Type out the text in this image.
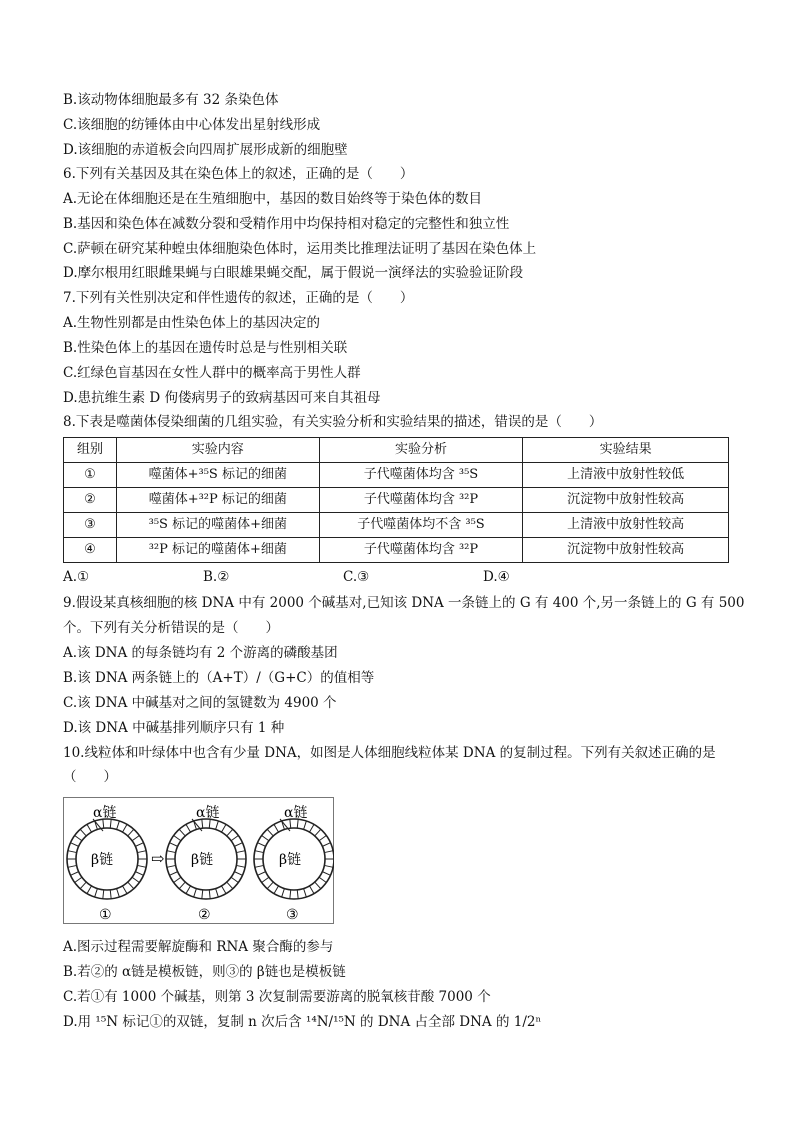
B.该动物体细胞最多有 32 条染色体
C.该细胞的纺锤体由中心体发出星射线形成
D.该细胞的赤道板会向四周扩展形成新的细胞壁
6.下列有关基因及其在染色体上的叙述，正确的是（　　）
A.无论在体细胞还是在生殖细胞中，基因的数目始终等于染色体的数目
B.基因和染色体在减数分裂和受精作用中均保持相对稳定的完整性和独立性
C.萨顿在研究某种蝗虫体细胞染色体时，运用类比推理法证明了基因在染色体上
D.摩尔根用红眼雌果蝇与白眼雄果蝇交配，属于假说一演绎法的实验验证阶段
7.下列有关性别决定和伴性遗传的叙述，正确的是（　　）
A.生物性别都是由性染色体上的基因决定的
B.性染色体上的基因在遗传时总是与性别相关联
C.红绿色盲基因在女性人群中的概率高于男性人群
D.患抗维生素 D 佝偻病男子的致病基因可来自其祖母
8.下表是噬菌体侵染细菌的几组实验，有关实验分析和实验结果的描述，错误的是（　　）
组别	实验内容	实验分析	实验结果
①	噬菌体+³⁵S 标记的细菌	子代噬菌体均含 ³⁵S	上清液中放射性较低
②	噬菌体+³²P 标记的细菌	子代噬菌体均含 ³²P	沉淀物中放射性较高
③	³⁵S 标记的噬菌体+细菌	子代噬菌体均不含 ³⁵S	上清液中放射性较高
④	³²P 标记的噬菌体+细菌	子代噬菌体均含 ³²P	沉淀物中放射性较高
A.①	B.②	C.③	D.④
9.假设某真核细胞的核 DNA 中有 2000 个碱基对,已知该 DNA 一条链上的 G 有 400 个,另一条链上的 G 有 500
个。下列有关分析错误的是（　　）
A.该 DNA 的每条链均有 2 个游离的磷酸基团
B.该 DNA 两条链上的（A+T）/（G+C）的值相等
C.该 DNA 中碱基对之间的氢键数为 4900 个
D.该 DNA 中碱基排列顺序只有 1 种
10.线粒体和叶绿体中也含有少量 DNA，如图是人体细胞线粒体某 DNA 的复制过程。下列有关叙述正确的是
（　　）
α链
β链
①
⇨
α链
β链
②
α链
β链
③
A.图示过程需要解旋酶和 RNA 聚合酶的参与
B.若②的 α链是模板链，则③的 β链也是模板链
C.若①有 1000 个碱基，则第 3 次复制需要游离的脱氧核苷酸 7000 个
D.用 ¹⁵N 标记①的双链，复制 n 次后含 ¹⁴N/¹⁵N 的 DNA 占全部 DNA 的 1/2ⁿ
